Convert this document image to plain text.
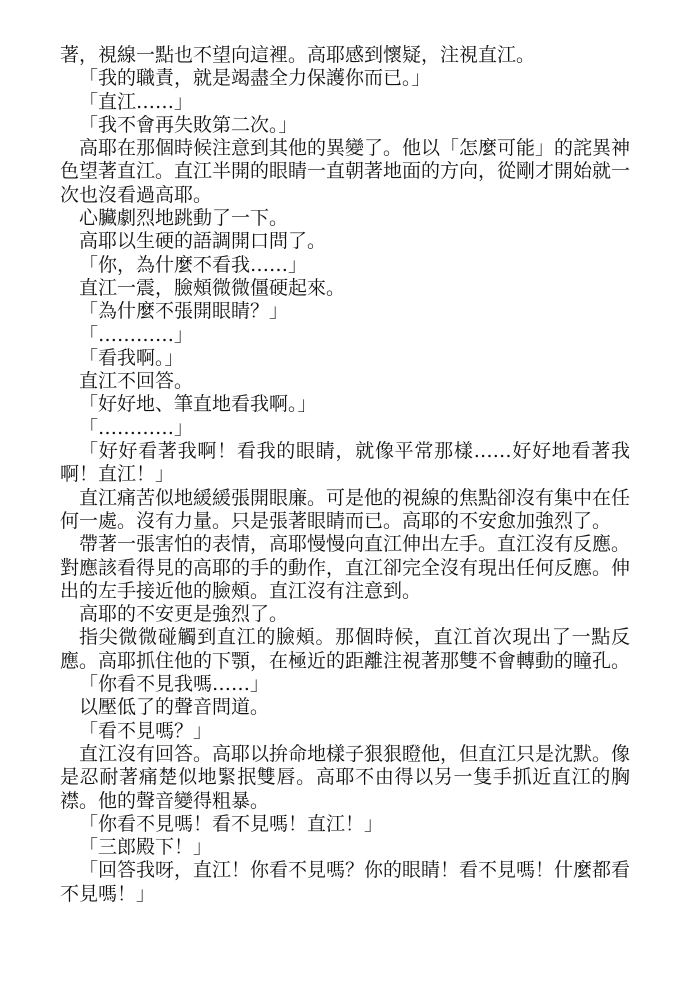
著，視線一點也不望向這裡。高耶感到懷疑，注視直江。

「我的職責，就是竭盡全力保護你而已。」

「直江……」

「我不會再失敗第二次。」

高耶在那個時候注意到其他的異變了。他以「怎麼可能」的詫異神色望著直江。直江半開的眼睛一直朝著地面的方向，從剛才開始就一次也沒看過高耶。

心臟劇烈地跳動了一下。

高耶以生硬的語調開口問了。

「你，為什麼不看我……」

直江一震，臉頰微微僵硬起來。

「為什麼不張開眼睛？」

「…………」

「看我啊。」

直江不回答。

「好好地、筆直地看我啊。」

「…………」

「好好看著我啊！看我的眼睛，就像平常那樣……好好地看著我啊！直江！」

直江痛苦似地緩緩張開眼廉。可是他的視線的焦點卻沒有集中在任何一處。沒有力量。只是張著眼睛而已。高耶的不安愈加強烈了。

帶著一張害怕的表情，高耶慢慢向直江伸出左手。直江沒有反應。對應該看得見的高耶的手的動作，直江卻完全沒有現出任何反應。伸出的左手接近他的臉頰。直江沒有注意到。

高耶的不安更是強烈了。

指尖微微碰觸到直江的臉頰。那個時候，直江首次現出了一點反應。高耶抓住他的下顎，在極近的距離注視著那雙不會轉動的瞳孔。

「你看不見我嗎……」

以壓低了的聲音問道。

「看不見嗎？」

直江沒有回答。高耶以拚命地樣子狠狠瞪他，但直江只是沈默。像是忍耐著痛楚似地緊抿雙唇。高耶不由得以另一隻手抓近直江的胸襟。他的聲音變得粗暴。

「你看不見嗎！看不見嗎！直江！」

「三郎殿下！」

「回答我呀，直江！你看不見嗎？你的眼睛！看不見嗎！什麼都看不見嗎！」
